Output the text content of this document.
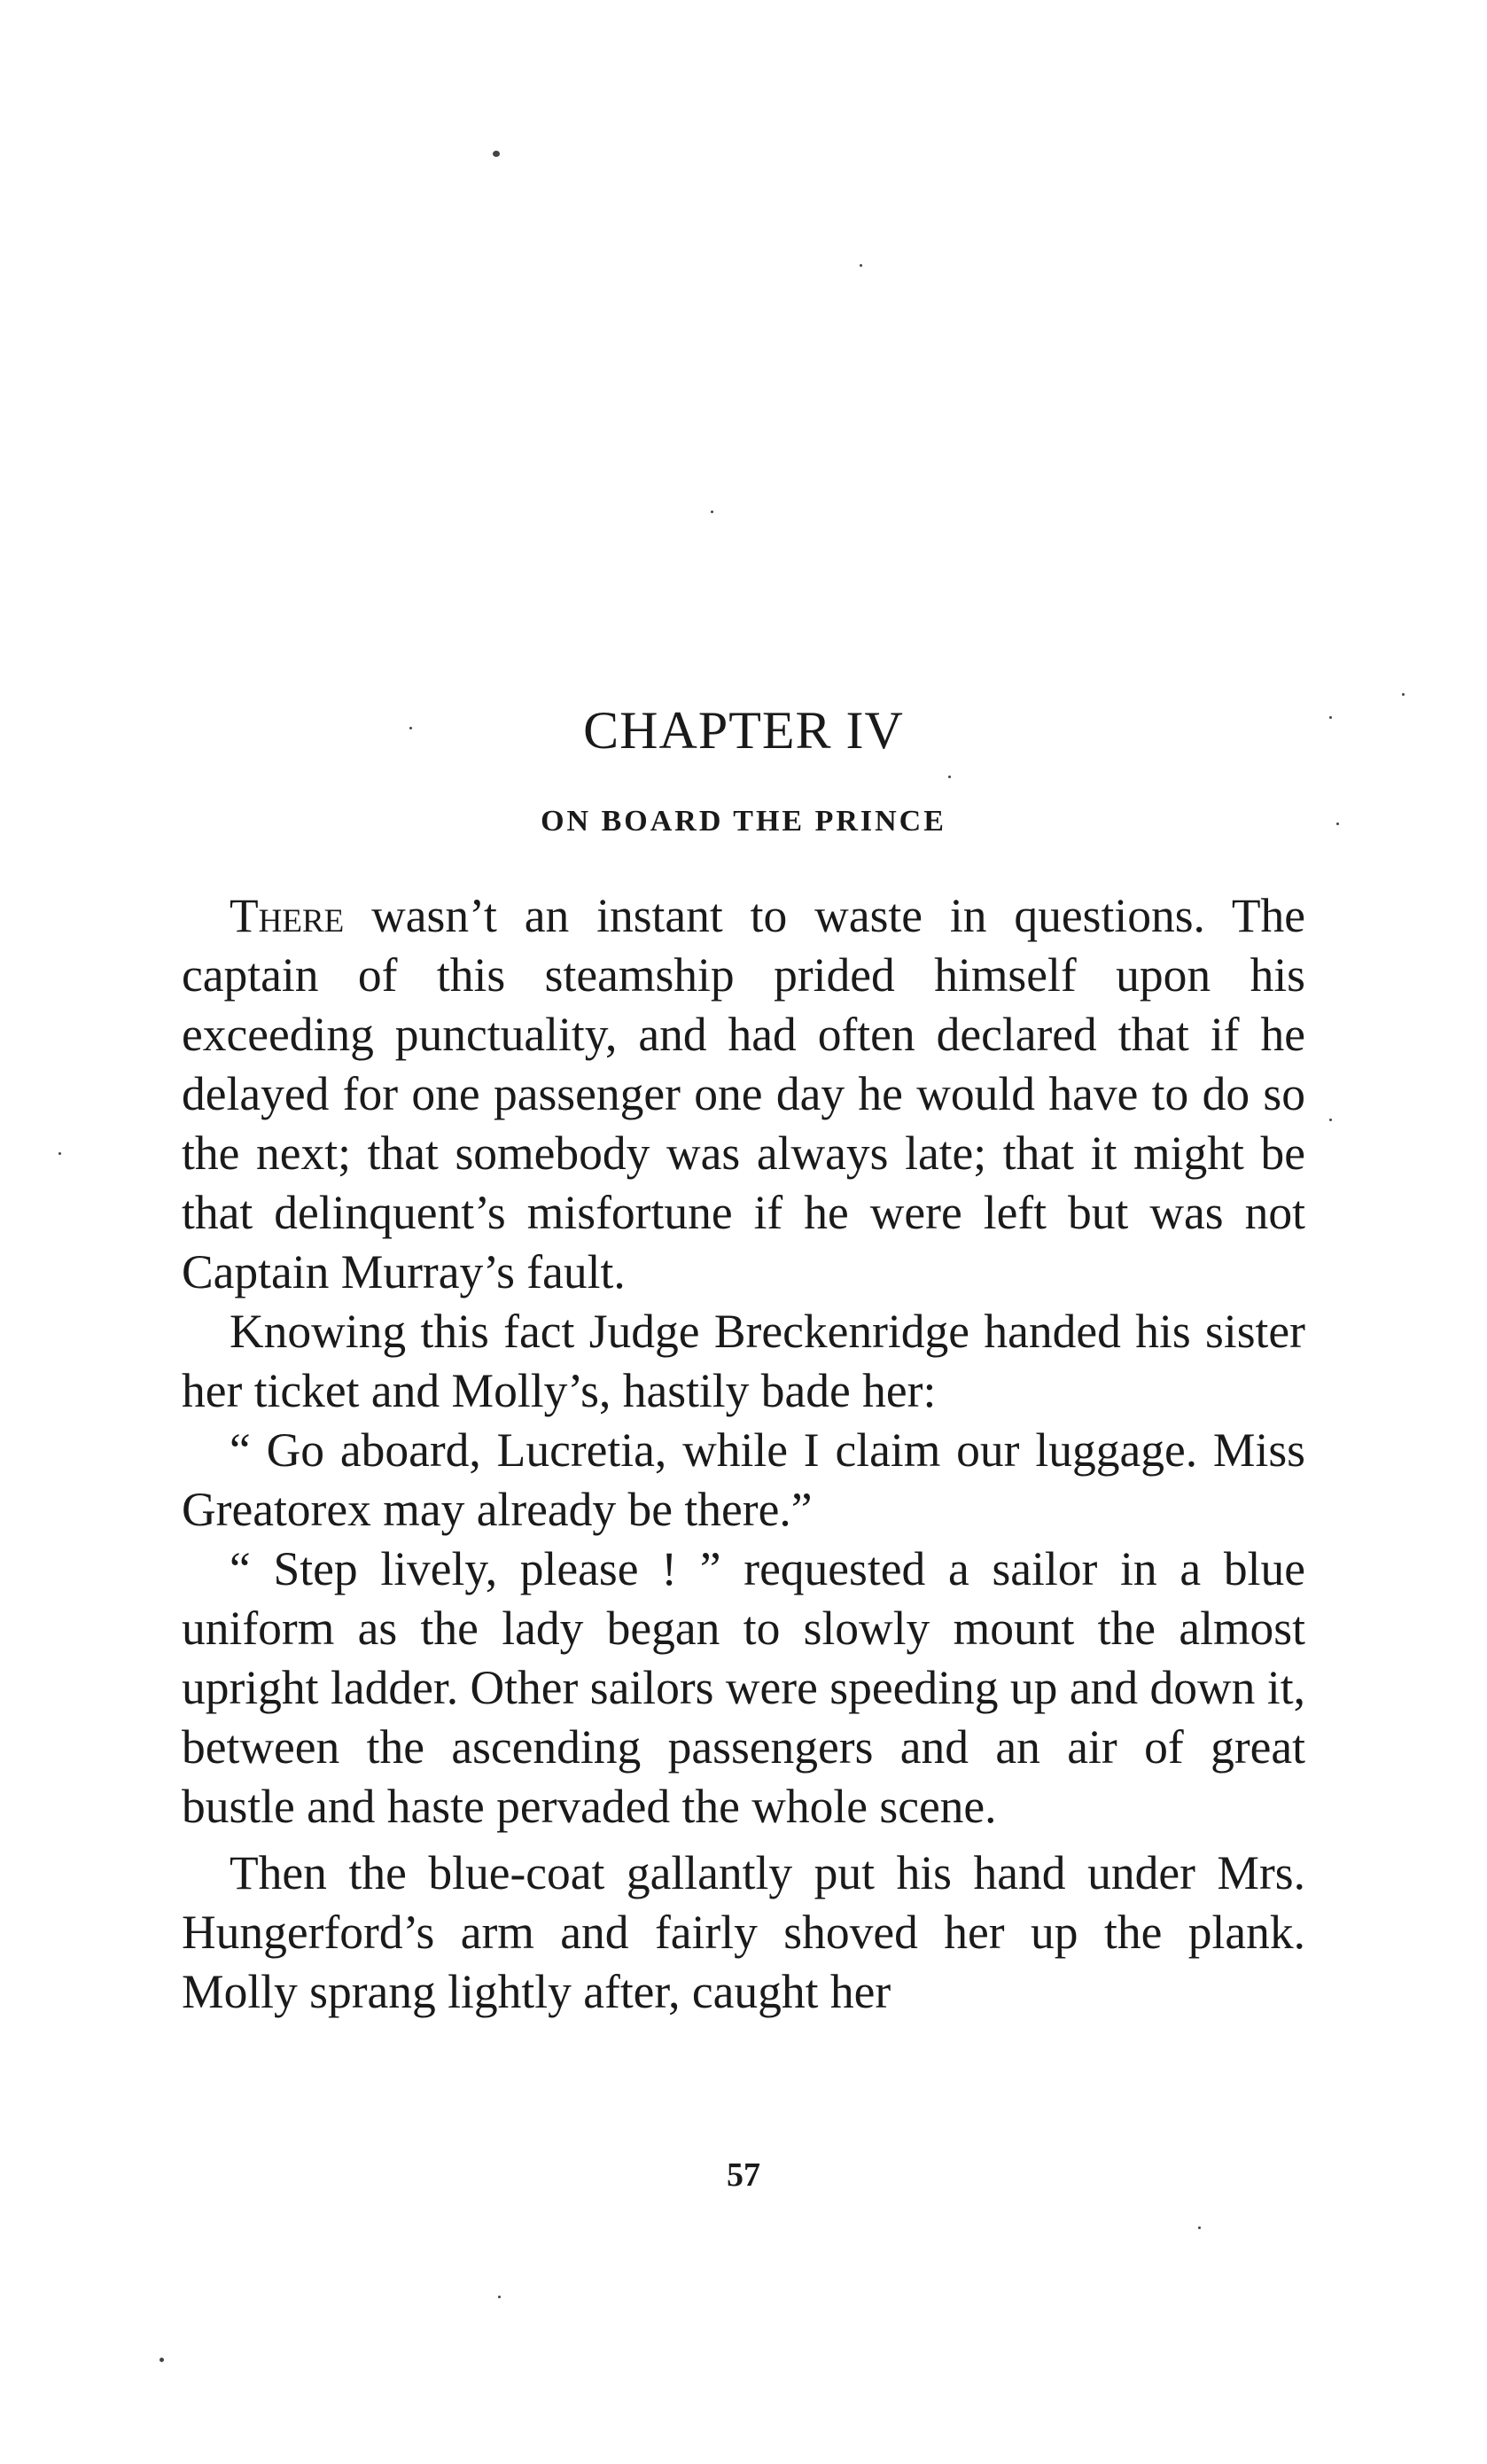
CHAPTER IV
ON BOARD THE PRINCE

There wasn’t an instant to waste in questions. The captain of this steamship prided himself upon his exceeding punctuality, and had often declared that if he delayed for one passenger one day he would have to do so the next; that somebody was always late; that it might be that delinquent’s misfortune if he were left but was not Captain Murray’s fault.

Knowing this fact Judge Breckenridge handed his sister her ticket and Molly’s, hastily bade her:

“ Go aboard, Lucretia, while I claim our luggage. Miss Greatorex may already be there.”

“ Step lively, please ! ” requested a sailor in a blue uniform as the lady began to slowly mount the almost upright ladder. Other sailors were speeding up and down it, between the ascending passengers and an air of great bustle and haste pervaded the whole scene.

Then the blue-coat gallantly put his hand under Mrs. Hungerford’s arm and fairly shoved her up the plank. Molly sprang lightly after, caught her

57
